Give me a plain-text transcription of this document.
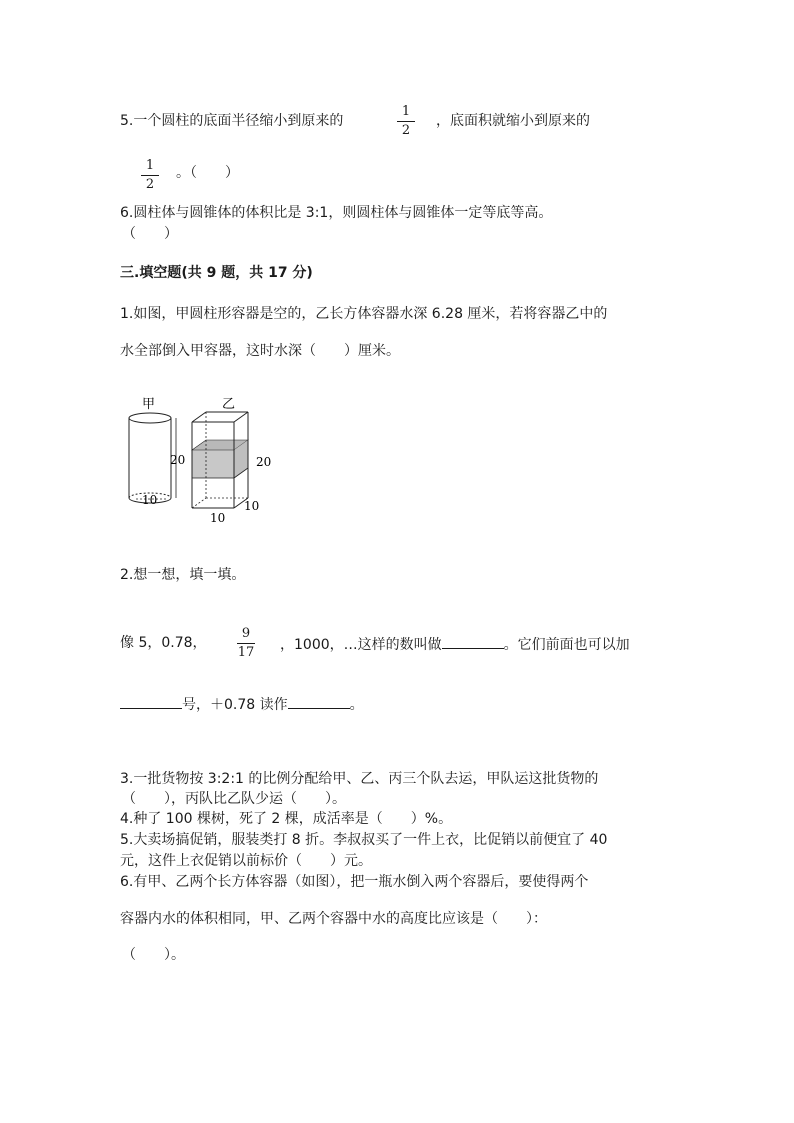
5.一个圆柱的底面半径缩小到原来的
1
2
，底面积就缩小到原来的
1
2
。（　　）
6.圆柱体与圆锥体的体积比是 3:1，则圆柱体与圆锥体一定等底等高。
（　　）
三.填空题(共 9 题，共 17 分)
1.如图，甲圆柱形容器是空的，乙长方体容器水深 6.28 厘米，若将容器乙中的
水全部倒入甲容器，这时水深（　　）厘米。
甲
10
20
乙
20
10
10
2.想一想，填一填。
像 5，0.78，
9
17 ，1000，…这样的数叫做	。它们前面也可以加
号，＋0.78 读作	。
3.一批货物按 3:2:1 的比例分配给甲、乙、丙三个队去运，甲队运这批货物的
（　　），丙队比乙队少运（　　）。
4.种了 100 棵树，死了 2 棵，成活率是（　　）%。
5.大卖场搞促销，服装类打 8 折。李叔叔买了一件上衣，比促销以前便宜了 40
元，这件上衣促销以前标价（　　）元。
6.有甲、乙两个长方体容器（如图），把一瓶水倒入两个容器后，要使得两个
容器内水的体积相同，甲、乙两个容器中水的高度比应该是（　　）：
（　　）。
